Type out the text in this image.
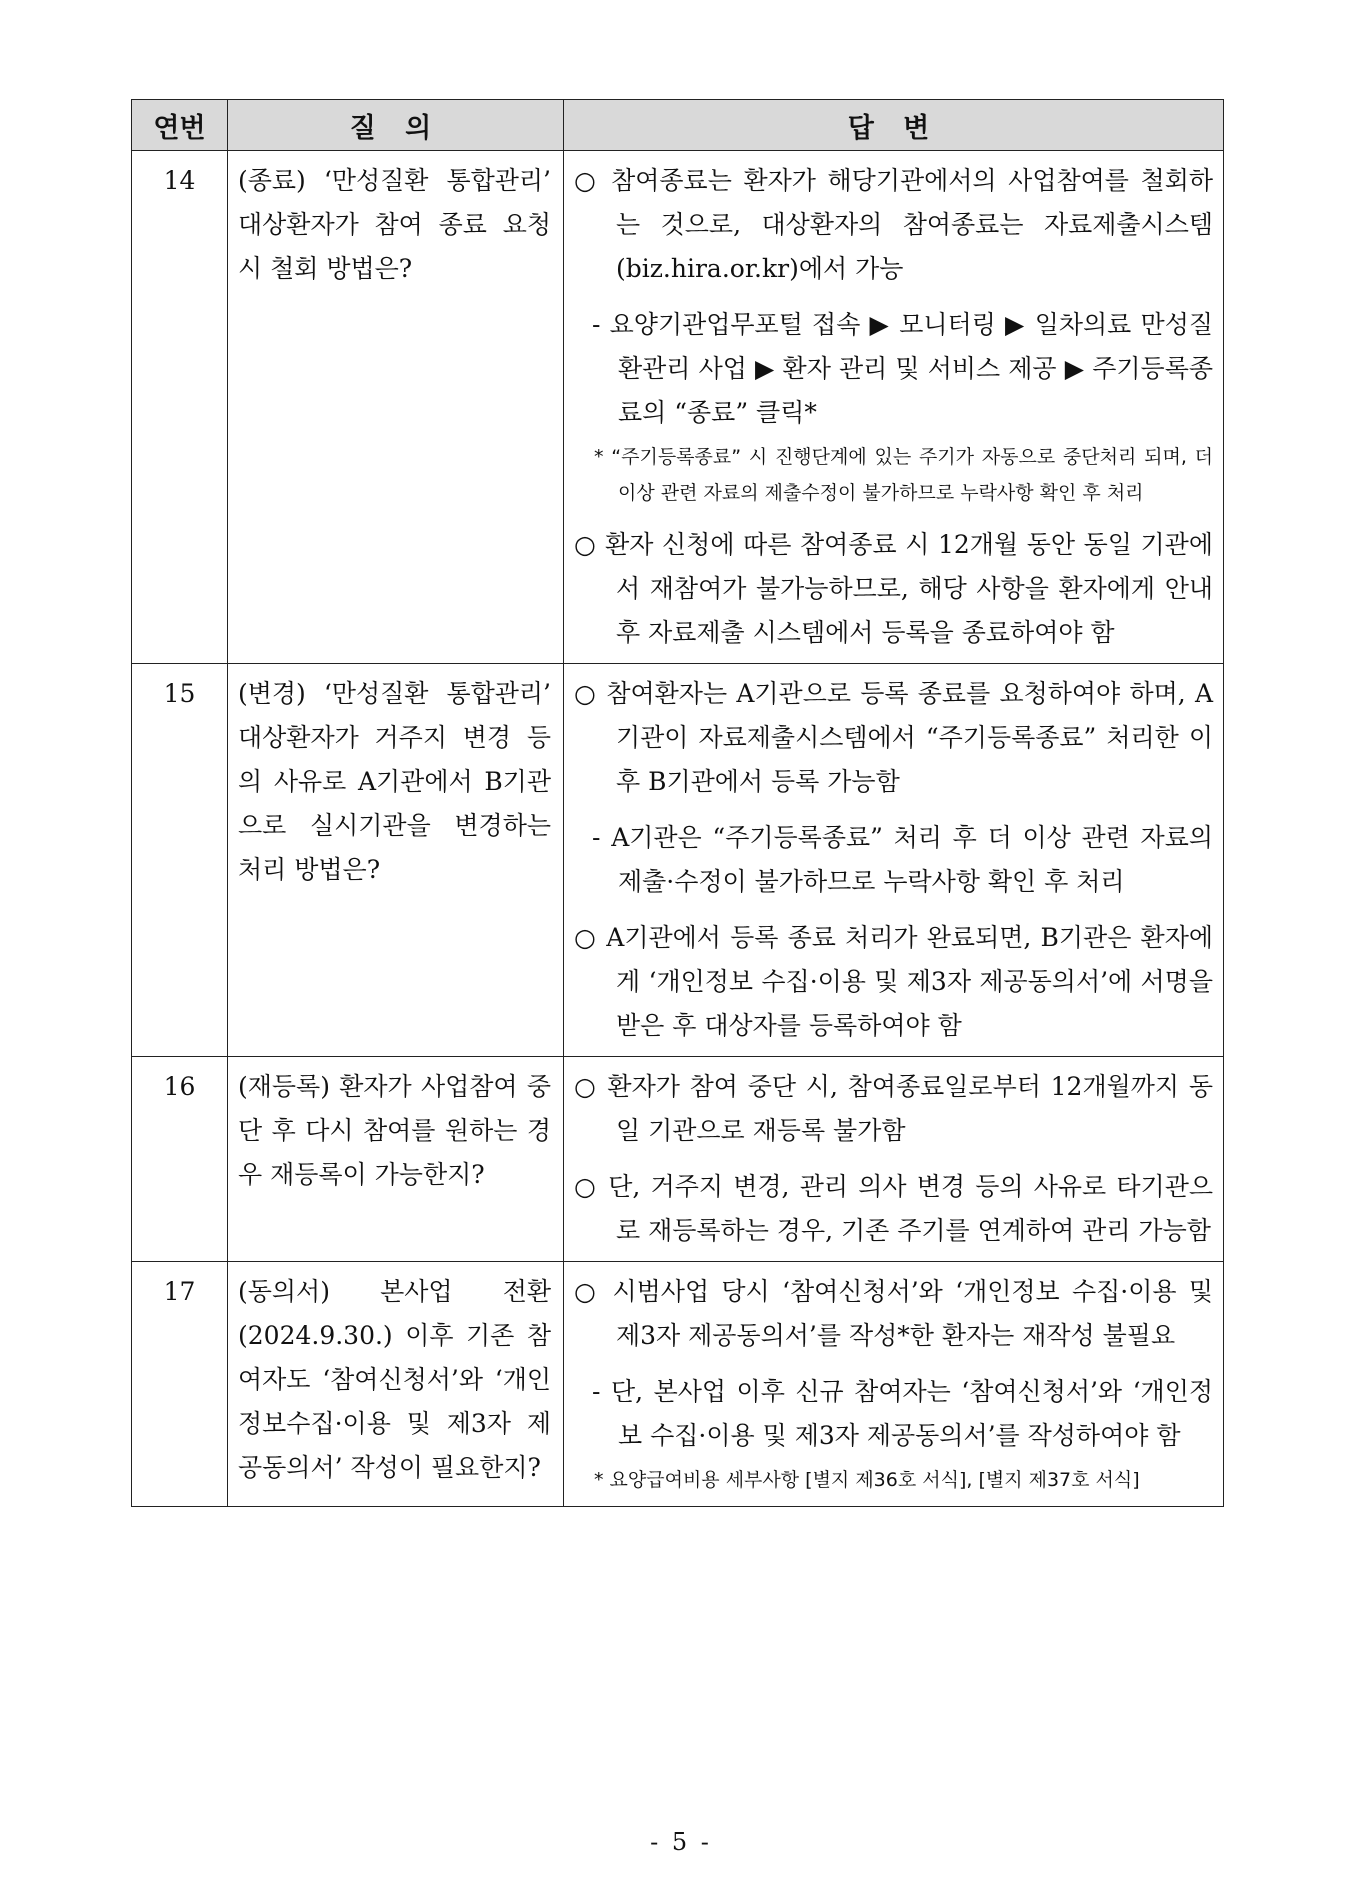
연번	질 의	답 변
14	(종료) ‘만성질환 통합관리’ 대상환자가 참여 종료 요청 시 철회 방법은?	○ 참여종료는 환자가 해당기관에서의 사업참여를 철회하는 것으로, 대상환자의 참여종료는 자료제출시스템(biz.hira.or.kr)에서 가능
- 요양기관업무포털 접속 ▶ 모니터링 ▶ 일차의료 만성질환관리 사업 ▶ 환자 관리 및 서비스 제공 ▶ 주기등록종료의 “종료” 클릭*
* “주기등록종료” 시 진행단계에 있는 주기가 자동으로 중단처리 되며, 더 이상 관련 자료의 제출수정이 불가하므로 누락사항 확인 후 처리
○ 환자 신청에 따른 참여종료 시 12개월 동안 동일 기관에서 재참여가 불가능하므로, 해당 사항을 환자에게 안내 후 자료제출 시스템에서 등록을 종료하여야 함

15	(변경) ‘만성질환 통합관리’ 대상환자가 거주지 변경 등의 사유로 A기관에서 B기관으로 실시기관을 변경하는 처리 방법은?	○ 참여환자는 A기관으로 등록 종료를 요청하여야 하며, A기관이 자료제출시스템에서 “주기등록종료” 처리한 이후 B기관에서 등록 가능함
- A기관은 “주기등록종료” 처리 후 더 이상 관련 자료의 제출·수정이 불가하므로 누락사항 확인 후 처리
○ A기관에서 등록 종료 처리가 완료되면, B기관은 환자에게 ‘개인정보 수집·이용 및 제3자 제공동의서’에 서명을 받은 후 대상자를 등록하여야 함

16	(재등록) 환자가 사업참여 중단 후 다시 참여를 원하는 경우 재등록이 가능한지?	○ 환자가 참여 중단 시, 참여종료일로부터 12개월까지 동일 기관으로 재등록 불가함
○ 단, 거주지 변경, 관리 의사 변경 등의 사유로 타기관으로 재등록하는 경우, 기존 주기를 연계하여 관리 가능함

17	(동의서) 본사업 전환 (2024.9.30.) 이후 기존 참여자도 ‘참여신청서’와 ‘개인정보수집·이용 및 제3자 제공동의서’ 작성이 필요한지?	○ 시범사업 당시 ‘참여신청서’와 ‘개인정보 수집·이용 및 제3자 제공동의서’를 작성*한 환자는 재작성 불필요
- 단, 본사업 이후 신규 참여자는 ‘참여신청서’와 ‘개인정보 수집·이용 및 제3자 제공동의서’를 작성하여야 함
* 요양급여비용 세부사항 [별지 제36호 서식], [별지 제37호 서식]
- 5 -
